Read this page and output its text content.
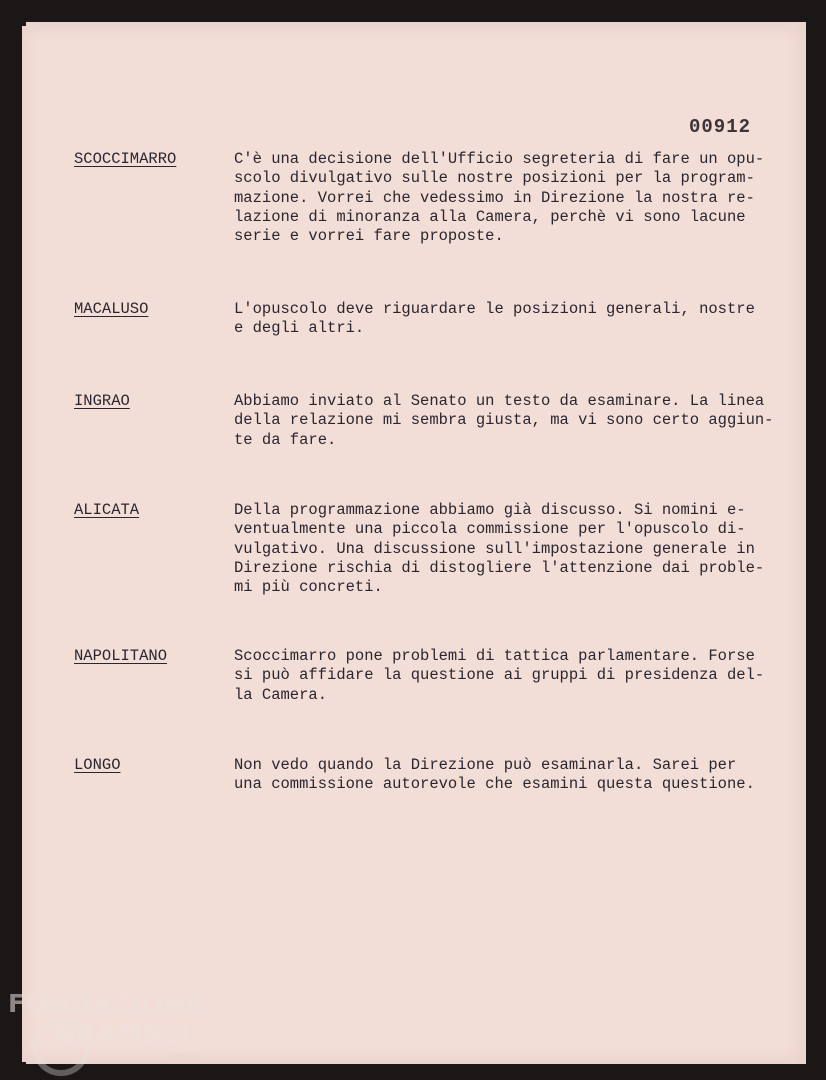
00912
SCOCCIMARRO	C'è una decisione dell'Ufficio segreteria di fare un opu-
scolo divulgativo sulle nostre posizioni per la program-
mazione. Vorrei che vedessimo in Direzione la nostra re-
lazione di minoranza alla Camera, perchè vi sono lacune
serie e vorrei fare proposte.
MACALUSO	L'opuscolo deve riguardare le posizioni generali, nostre
e degli altri.
INGRAO	Abbiamo inviato al Senato un testo da esaminare. La linea
della relazione mi sembra giusta, ma vi sono certo aggiun-
te da fare.
ALICATA	Della programmazione abbiamo già discusso. Si nomini e-
ventualmente una piccola commissione per l'opuscolo di-
vulgativo. Una discussione sull'impostazione generale in
Direzione rischia di distogliere l'attenzione dai proble-
mi più concreti.
NAPOLITANO	Scoccimarro pone problemi di tattica parlamentare. Forse
si può affidare la questione ai gruppi di presidenza del-
la Camera.
LONGO	Non vedo quando la Direzione può esaminarla. Sarei per
una commissione autorevole che esamini questa questione.
FONDAZIONE
GRAMSCI
onlus
